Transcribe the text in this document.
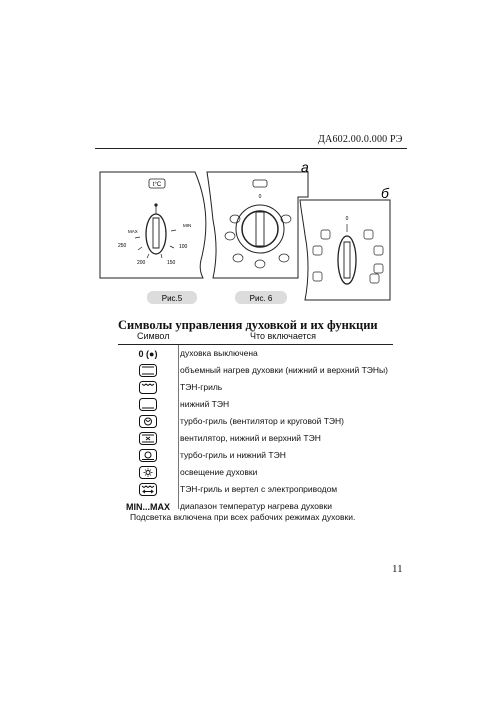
ДА602.00.0.000 РЭ
t°C
MAX
MIN
250
200	150
100
0
а
0
б
Рис.5	Рис. 6
Символы управления духовкой и их функции
Символ	Что включается
0 (●)	духовка выключена
объемный нагрев духовки (нижний и верхний ТЭНы)
ТЭН-гриль
нижний ТЭН
турбо-гриль (вентилятор и круговой ТЭН)
вентилятор, нижний и верхний ТЭН
турбо-гриль и нижний ТЭН
освещение духовки
ТЭН-гриль и вертел с электроприводом
MIN...MAX диапазон температур нагрева духовки
Подсветка включена при всех рабочих режимах духовки.
11
